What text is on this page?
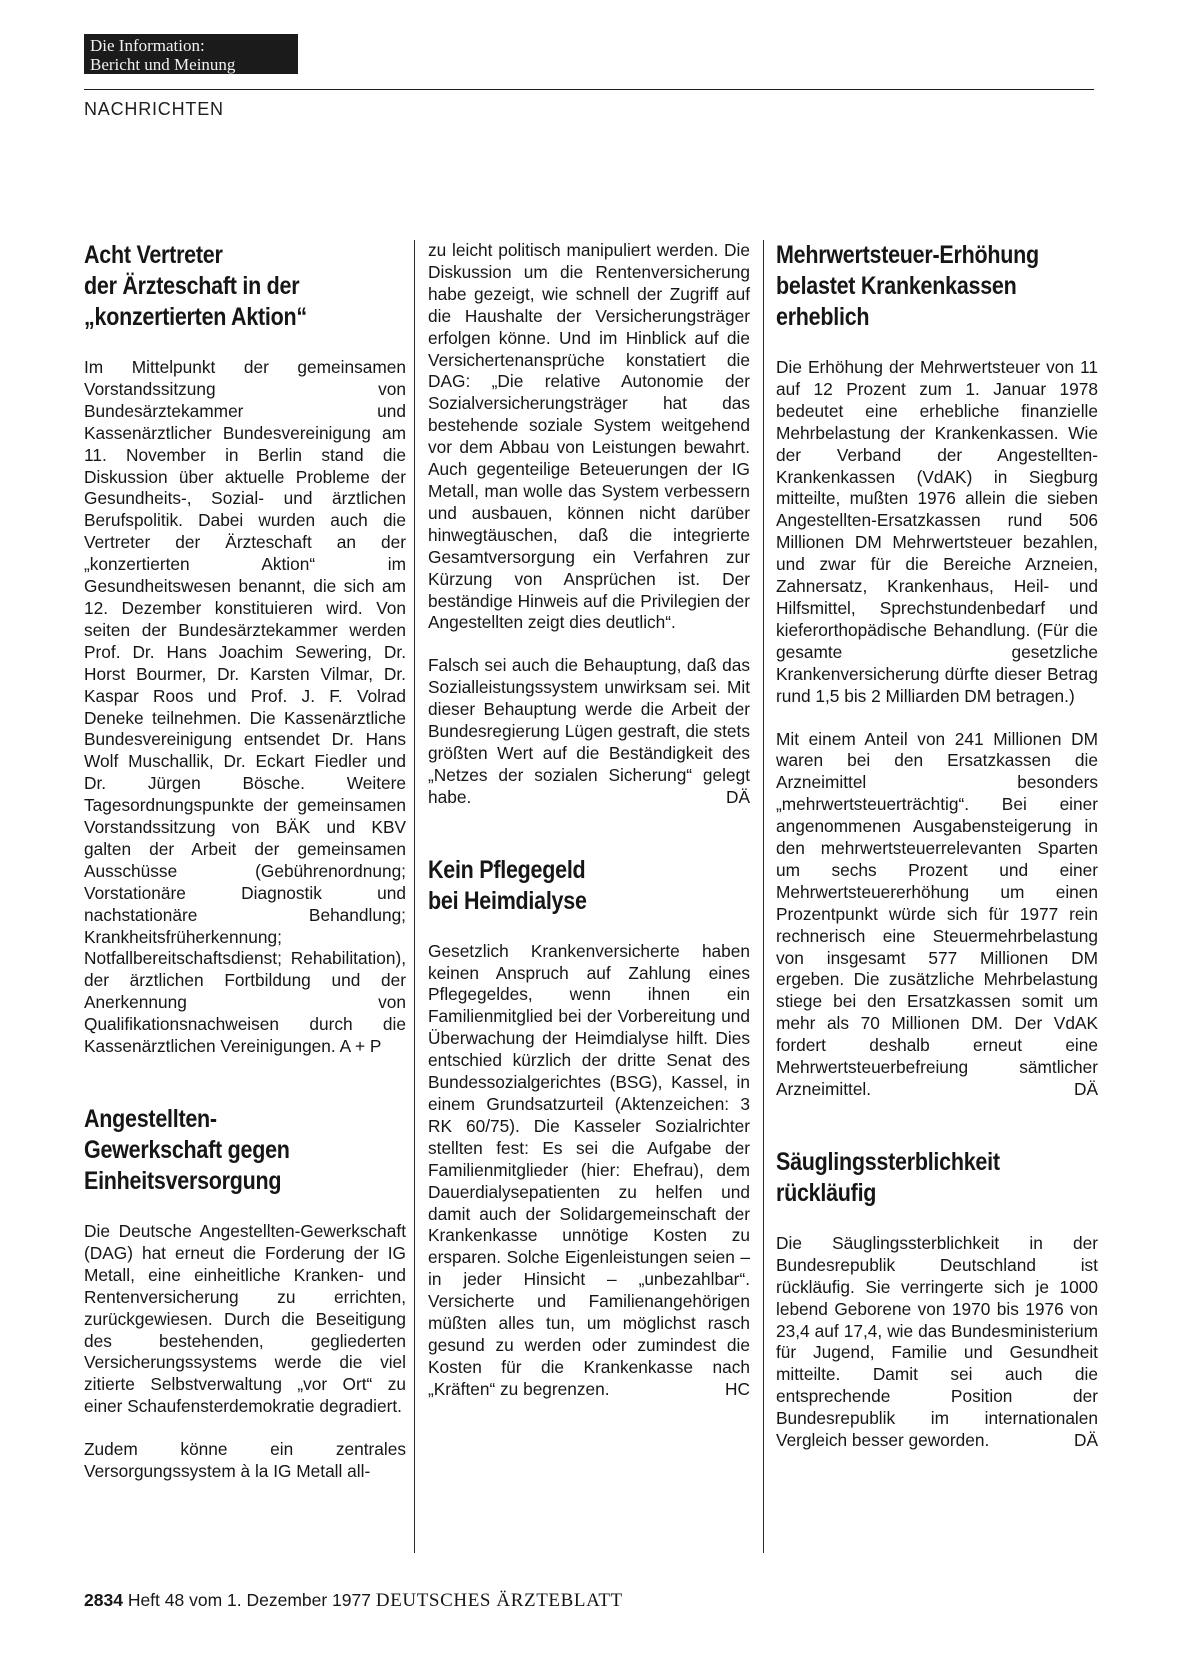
Die Information:
Bericht und Meinung
NACHRICHTEN
Acht Vertreter
der Ärzteschaft in der
„konzertierten Aktion“

Im Mittelpunkt der gemeinsamen Vorstandssitzung von Bundesärztekammer und Kassenärztlicher Bundesvereinigung am 11. November in Berlin stand die Diskussion über aktuelle Probleme der Gesundheits-, Sozial- und ärztlichen Berufspolitik. Dabei wurden auch die Vertreter der Ärzteschaft an der „konzertierten Aktion“ im Gesundheitswesen benannt, die sich am 12. Dezember konstituieren wird. Von seiten der Bundesärztekammer werden Prof. Dr. Hans Joachim Sewering, Dr. Horst Bourmer, Dr. Karsten Vilmar, Dr. Kaspar Roos und Prof. J. F. Volrad Deneke teilnehmen. Die Kassenärztliche Bundesvereinigung entsendet Dr. Hans Wolf Muschallik, Dr. Eckart Fiedler und Dr. Jürgen Bösche. Weitere Tagesordnungspunkte der gemeinsamen Vorstandssitzung von BÄK und KBV galten der Arbeit der gemeinsamen Ausschüsse (Gebührenordnung; Vorstationäre Diagnostik und nachstationäre Behandlung; Krankheitsfrüherkennung; Notfallbereitschaftsdienst; Rehabilitation), der ärztlichen Fortbildung und der Anerkennung von Qualifikationsnachweisen durch die Kassenärztlichen Vereinigungen. A + P

Angestellten-
Gewerkschaft gegen
Einheitsversorgung

Die Deutsche Angestellten-Gewerkschaft (DAG) hat erneut die Forderung der IG Metall, eine einheitliche Kranken- und Rentenversicherung zu errichten, zurückgewiesen. Durch die Beseitigung des bestehenden, gegliederten Versicherungssystems werde die viel zitierte Selbstverwaltung „vor Ort“ zu einer Schaufensterdemokratie degradiert.

Zudem könne ein zentrales Versorgungssystem à la IG Metall all-

zu leicht politisch manipuliert werden. Die Diskussion um die Rentenversicherung habe gezeigt, wie schnell der Zugriff auf die Haushalte der Versicherungsträger erfolgen könne. Und im Hinblick auf die Versichertenansprüche konstatiert die DAG: „Die relative Autonomie der Sozialversicherungsträger hat das bestehende soziale System weitgehend vor dem Abbau von Leistungen bewahrt. Auch gegenteilige Beteuerungen der IG Metall, man wolle das System verbessern und ausbauen, können nicht darüber hinwegtäuschen, daß die integrierte Gesamtversorgung ein Verfahren zur Kürzung von Ansprüchen ist. Der beständige Hinweis auf die Privilegien der Angestellten zeigt dies deutlich“.

Falsch sei auch die Behauptung, daß das Sozialleistungssystem unwirksam sei. Mit dieser Behauptung werde die Arbeit der Bundesregierung Lügen gestraft, die stets größten Wert auf die Beständigkeit des „Netzes der sozialen Sicherung“ gelegt habe.	DÄ

Kein Pflegegeld
bei Heimdialyse

Gesetzlich Krankenversicherte haben keinen Anspruch auf Zahlung eines Pflegegeldes, wenn ihnen ein Familienmitglied bei der Vorbereitung und Überwachung der Heimdialyse hilft. Dies entschied kürzlich der dritte Senat des Bundessozialgerichtes (BSG), Kassel, in einem Grundsatzurteil (Aktenzeichen: 3 RK 60/75). Die Kasseler Sozialrichter stellten fest: Es sei die Aufgabe der Familienmitglieder (hier: Ehefrau), dem Dauerdialysepatienten zu helfen und damit auch der Solidargemeinschaft der Krankenkasse unnötige Kosten zu ersparen. Solche Eigenleistungen seien – in jeder Hinsicht – „unbezahlbar“. Versicherte und Familienangehörigen müßten alles tun, um möglichst rasch gesund zu werden oder zumindest die Kosten für die Krankenkasse nach „Kräften“ zu begrenzen.	HC

Mehrwertsteuer-Erhöhung
belastet Krankenkassen
erheblich

Die Erhöhung der Mehrwertsteuer von 11 auf 12 Prozent zum 1. Januar 1978 bedeutet eine erhebliche finanzielle Mehrbelastung der Krankenkassen. Wie der Verband der Angestellten-Krankenkassen (VdAK) in Siegburg mitteilte, mußten 1976 allein die sieben Angestellten-Ersatzkassen rund 506 Millionen DM Mehrwertsteuer bezahlen, und zwar für die Bereiche Arzneien, Zahnersatz, Krankenhaus, Heil- und Hilfsmittel, Sprechstundenbedarf und kieferorthopädische Behandlung. (Für die gesamte gesetzliche Krankenversicherung dürfte dieser Betrag rund 1,5 bis 2 Milliarden DM betragen.)

Mit einem Anteil von 241 Millionen DM waren bei den Ersatzkassen die Arzneimittel besonders „mehrwertsteuerträchtig“. Bei einer angenommenen Ausgabensteigerung in den mehrwertsteuerrelevanten Sparten um sechs Prozent und einer Mehrwertsteuererhöhung um einen Prozentpunkt würde sich für 1977 rein rechnerisch eine Steuermehrbelastung von insgesamt 577 Millionen DM ergeben. Die zusätzliche Mehrbelastung stiege bei den Ersatzkassen somit um mehr als 70 Millionen DM. Der VdAK fordert deshalb erneut eine Mehrwertsteuerbefreiung sämtlicher Arzneimittel.	DÄ

Säuglingssterblichkeit
rückläufig

Die Säuglingssterblichkeit in der Bundesrepublik Deutschland ist rückläufig. Sie verringerte sich je 1000 lebend Geborene von 1970 bis 1976 von 23,4 auf 17,4, wie das Bundesministerium für Jugend, Familie und Gesundheit mitteilte. Damit sei auch die entsprechende Position der Bundesrepublik im internationalen Vergleich besser geworden.	DÄ

2834 Heft 48 vom 1. Dezember 1977 DEUTSCHES ÄRZTEBLATT
